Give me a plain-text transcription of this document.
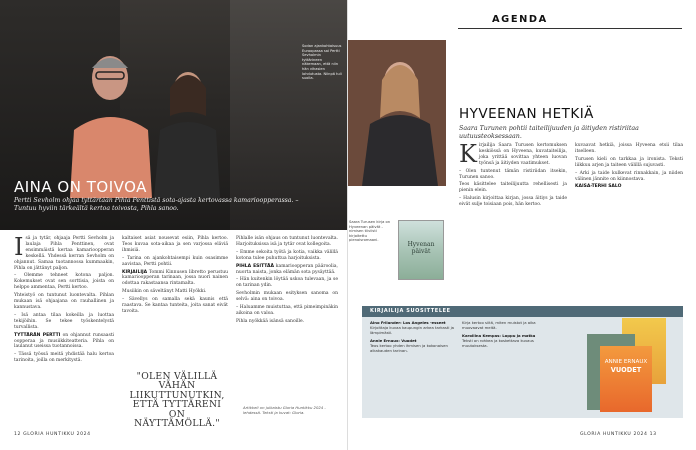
Sodan ajankohtaisuus Euroopassa sai Pertti Sevholmin tyttärineen näkemaan, että niin hän vihasien lohdutusta. Niinpä tuli suolla.
AINA ON TOIVOA
Pertti Sevholm ohjaa tyttärtään Pihla Penttistä sota-ajasta kertovassa kamarioopperassa. – Tuntuu hyviin tärkeältä kertoa toivosta, Pihla sanoo.

Isä ja tytär, ohjaaja Pertti Sevholm ja laulaja Pihla Penttinen, ovat ensimmäistä kertaa kamarioopperan keskellä. Yhdessä kerran Sevholm on ohjannut. Samaa tuotannossa kummaakin, Pihla on jättänyt paljon.

– Olemme tehneet kotona paljon. Kokemukset ovat sen sorttisia, joista on helppo ammentaa, Pertti kertoo.

Yhteistyö on tuntunut luontevalta. Pihlan mukaan isä ohjaajana on rauhallinen ja kannustava.

– Isä antaa tilaa kokeilla ja luottaa tekijöihin. Se tekee työskentelystä turvallista.

TYTTÄRÄN PERTTI on ohjannut runsaasti oopperaa ja musiikkiteatteria. Pihla on laulanut useissa tuotannoissa.

– Tässä työssä meitä yhdistää halu kertoa tarinoita, joilla on merkitystä.

kaltaiset asiat nousevat esiin, Pihla kertoo. Teos kuvaa sota-aikaa ja sen varjossa eläviä ihmisiä.

– Tarina on ajankohtaisempi kuin osasimme aavistaa, Pertti pohtii.

KIRJAILIJA Tommi Kinnusen libretto perustuu kamarioopperan tarinaan, jossa nuori nainen odottaa rakastaansa rintamalta.

Musiikin on säveltänyt Matti Hyökki.

– Sävellys on samalla sekä kaunis että raastava. Se kantaa tunteita, joita sanat eivät tavoita.

"OLEN VÄLILLÄ VÄHÄN LIIKUTTUNUTKIN, ETTÄ TYTTÄRENI ON NÄYTTÄMÖLLÄ."

Pihlalle isän ohjaus on tuntunut luontevalta. Harjoituksissa isä ja tytär ovat kollegoita.

– Emme sekoita työtä ja kotia, vaikka välillä kotona tulee puhuttua harjoituksista.

PIHLA ESITTÄÄ kamarioopperan pääroolia, nuorta naista, jonka elämän sota pysäyttää.

– Hän kuitenkin löytää uskoa tulevaan, ja se on tarinan ydin.

Sevholmin mukaan esityksen sanoma on selvä: aina on toivoa.

– Haluamme muistuttaa, että pimeimpinäkin aikoina on valoa.

Pihla nyökkää isänsä sanoille.

Artikkeli on julkaistu Gloria Huntikku 2024 -lehdessä. Teksti ja kuvat: Gloria.
12 GLORIA HUNTIKKU 2024
AGENDA
HYVEENAN HETKIÄ
Saara Turunen pohtii taiteilijuuden ja äitiyden ristiriitaa uutuusteoksessaan.
Saara Turusen kirja on Hyveenan päivät -nimisen tiiviisti kirjoitettu pienoisromaani.
Hyvenan päivät

Kirjailija Saara Turusen kertomuksen keskiössä on Hyveena, kuvataiteilija, joka yrittää sovittaa yhteen luovan työnsä ja äitiyden vaatimukset.

– Olen tuntenut tämän ristiriidan itsekin, Turunen sanoo.

Teos käsittelee taiteilijuutta rehellisesti ja pienin elein.

– Halusin kirjoittaa kirjan, jossa äitiys ja taide eivät sulje toisiaan pois, hän kertoo.

kuvaavat hetkiä, joissa Hyveena etsii tilaa itselleen.

Turusen kieli on tarkkaa ja ironista. Teksti liikkuu arjen ja taiteen välillä sujuvasti.

– Arki ja taide kulkevat rinnakkain, ja niiden välinen jännite on kiinnostava.

KAISA-TERHI SALO

KIRJAILIJA SUOSITTELEE

Aino Frilander: Los Angeles -esseet
Kirjoittaja kuvaa kaupungin arkea tarkasti ja lämpimästi.

Annie Ernaux: Vuodet
Teos kertoo yhden ihmisen ja kokonaisen aikakauden tarinan.

Kirja kertoo siitä, miten muistot ja aika muovaavat meitä.

Karoliina Kempas: Loppu ja matka
Teksti on rohkea ja koskettava kuvaus muutoksesta.

ANNIE ERNAUX
VUODET
GLORIA HUNTIKKU 2024 13
